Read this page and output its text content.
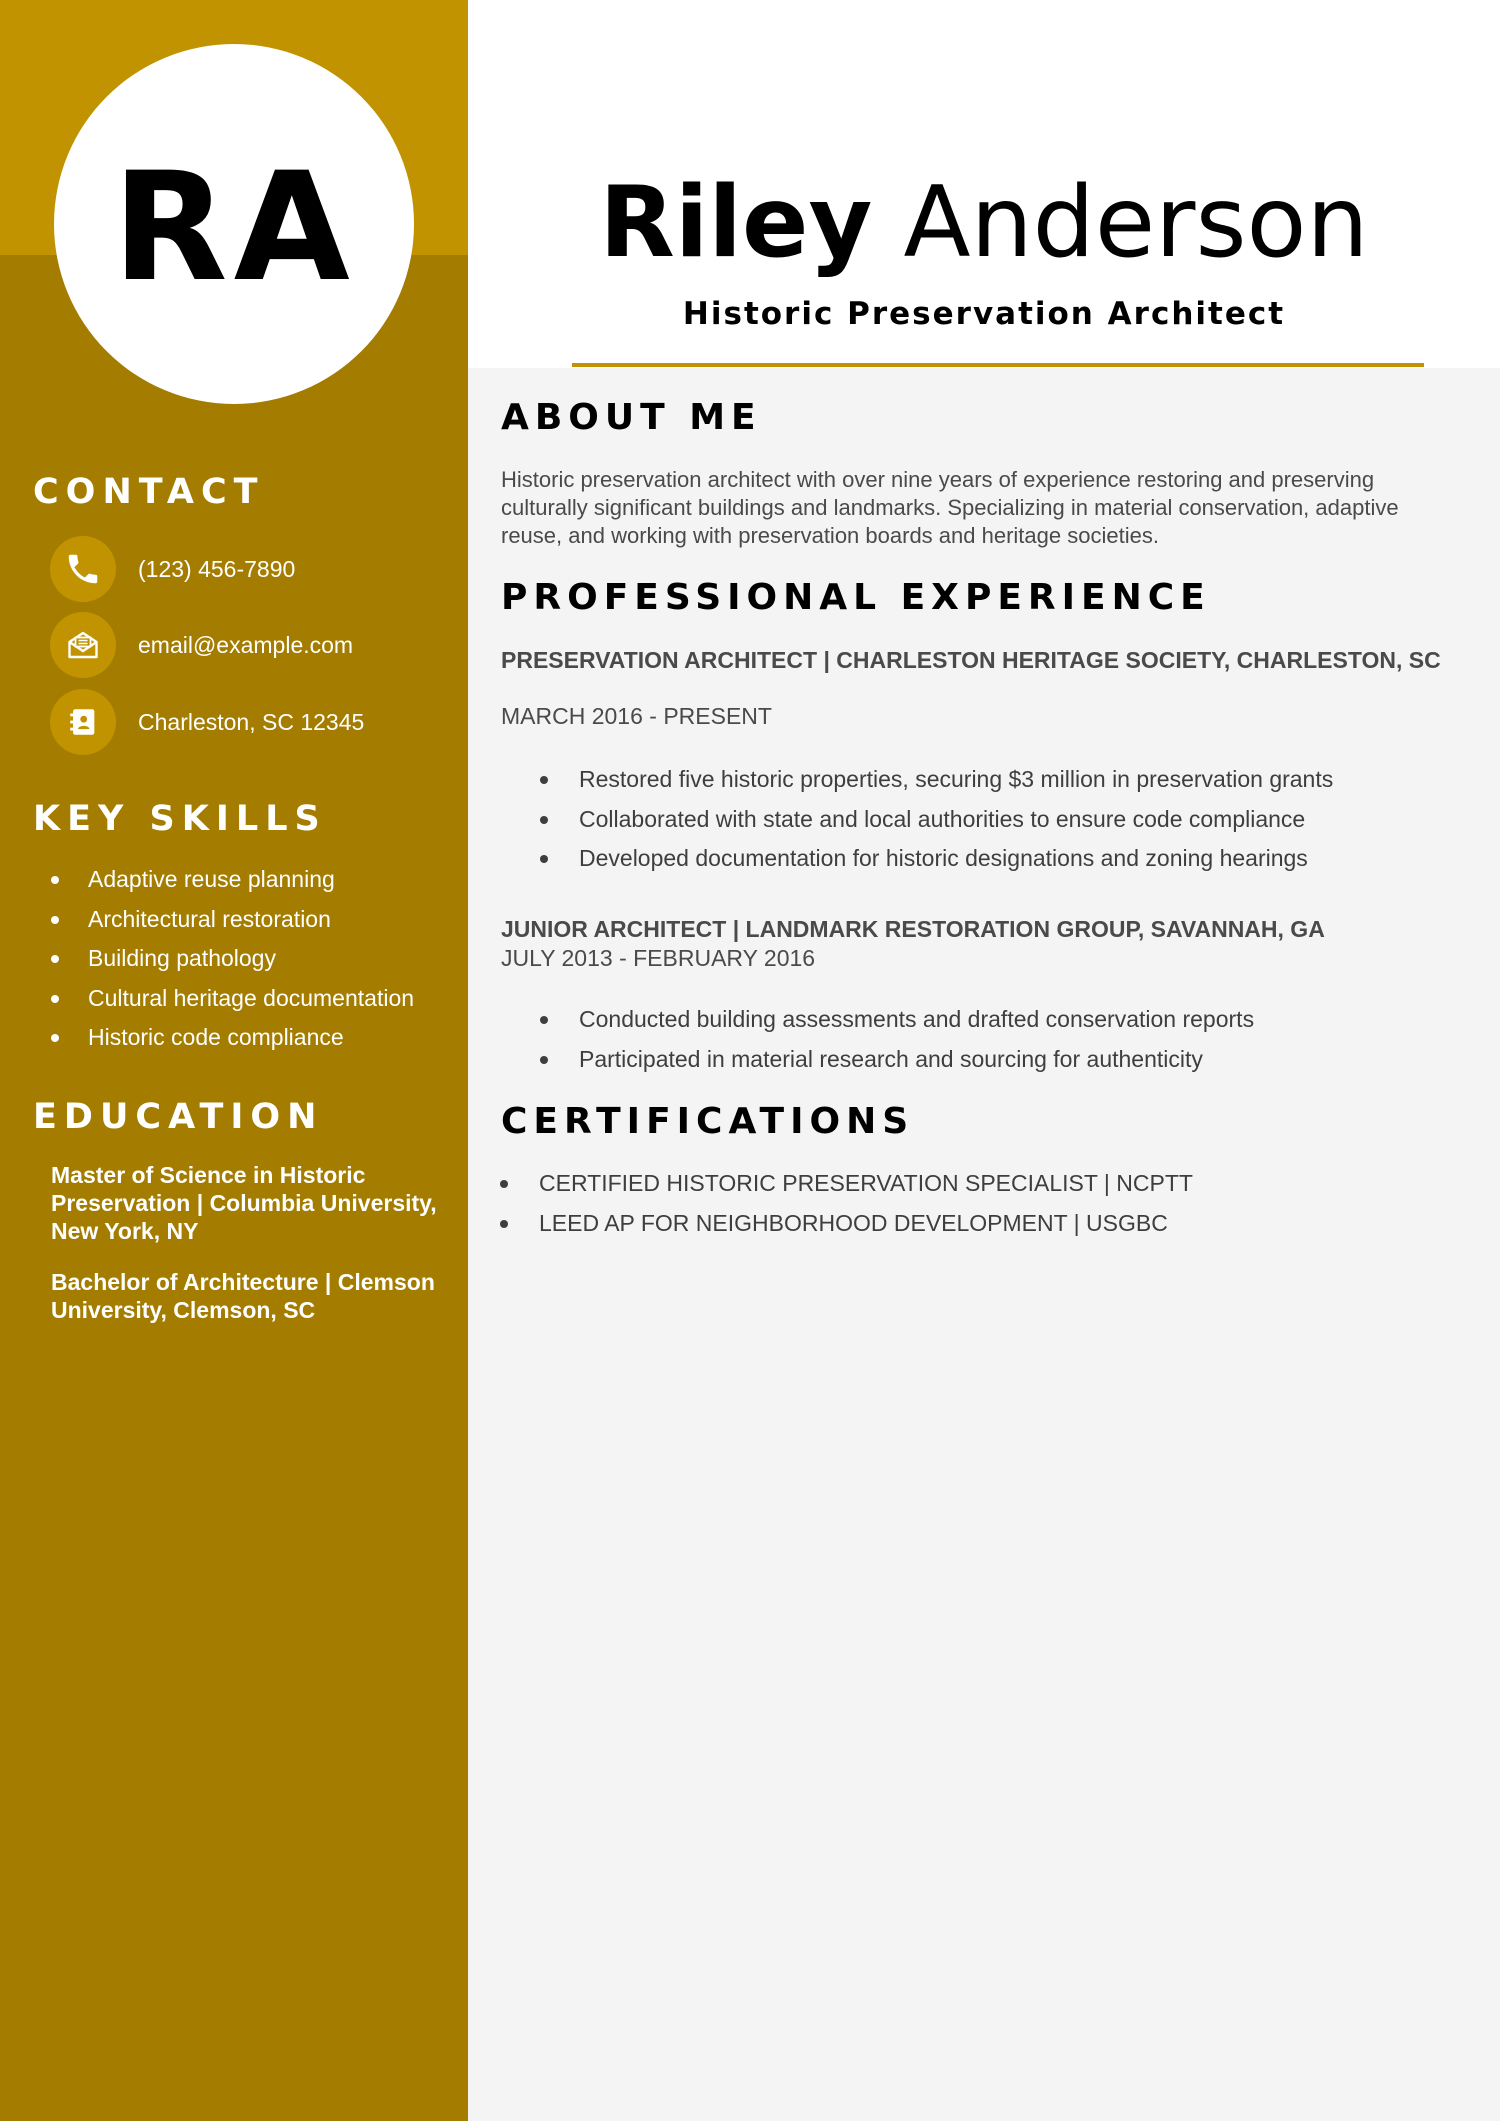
RA
CONTACT
(123) 456-7890
email@example.com
Charleston, SC 12345
KEY SKILLS
Adaptive reuse planning
Architectural restoration
Building pathology
Cultural heritage documentation
Historic code compliance
EDUCATION
Master of Science in Historic Preservation | Columbia University, New York, NY
Bachelor of Architecture | Clemson University, Clemson, SC
Riley Anderson
Historic Preservation Architect
ABOUT ME
Historic preservation architect with over nine years of experience restoring and preserving culturally significant buildings and landmarks. Specializing in material conservation, adaptive reuse, and working with preservation boards and heritage societies.
PROFESSIONAL EXPERIENCE
PRESERVATION ARCHITECT | CHARLESTON HERITAGE SOCIETY, CHARLESTON, SC
MARCH 2016 - PRESENT
Restored five historic properties, securing $3 million in preservation grants
Collaborated with state and local authorities to ensure code compliance
Developed documentation for historic designations and zoning hearings
JUNIOR ARCHITECT | LANDMARK RESTORATION GROUP, SAVANNAH, GA
JULY 2013 - FEBRUARY 2016
Conducted building assessments and drafted conservation reports
Participated in material research and sourcing for authenticity
CERTIFICATIONS
CERTIFIED HISTORIC PRESERVATION SPECIALIST | NCPTT
LEED AP FOR NEIGHBORHOOD DEVELOPMENT | USGBC
